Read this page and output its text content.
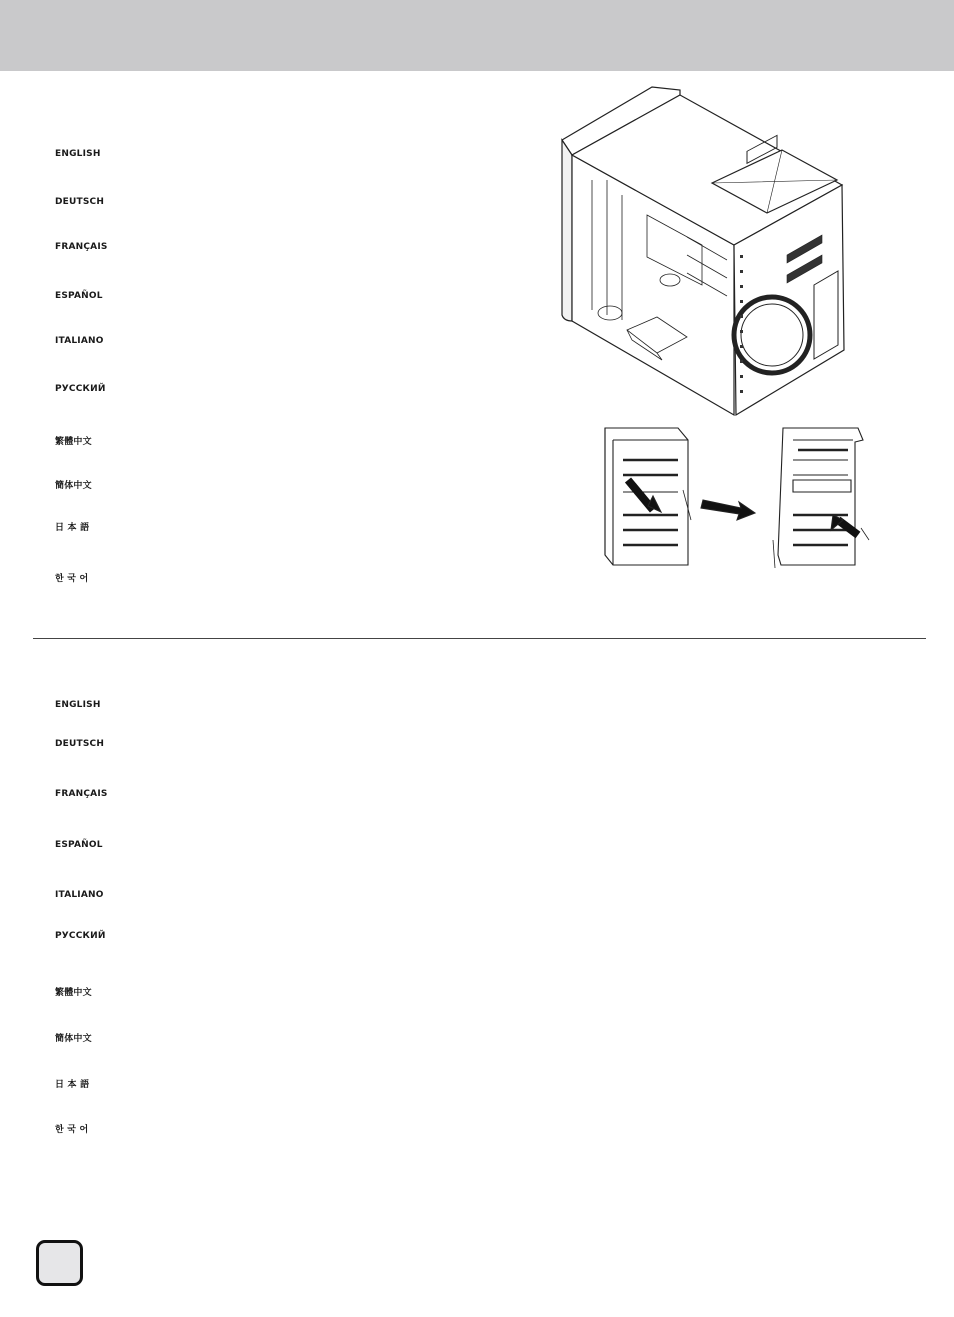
ENGLISH
DEUTSCH
FRANÇAIS
ESPAÑOL
ITALIANO
РУССКИЙ
繁體中文
簡体中文
日 本 語
한 국 어
ENGLISH
DEUTSCH
FRANÇAIS
ESPAÑOL
ITALIANO
РУССКИЙ
繁體中文
簡体中文
日 本 語
한 국 어
